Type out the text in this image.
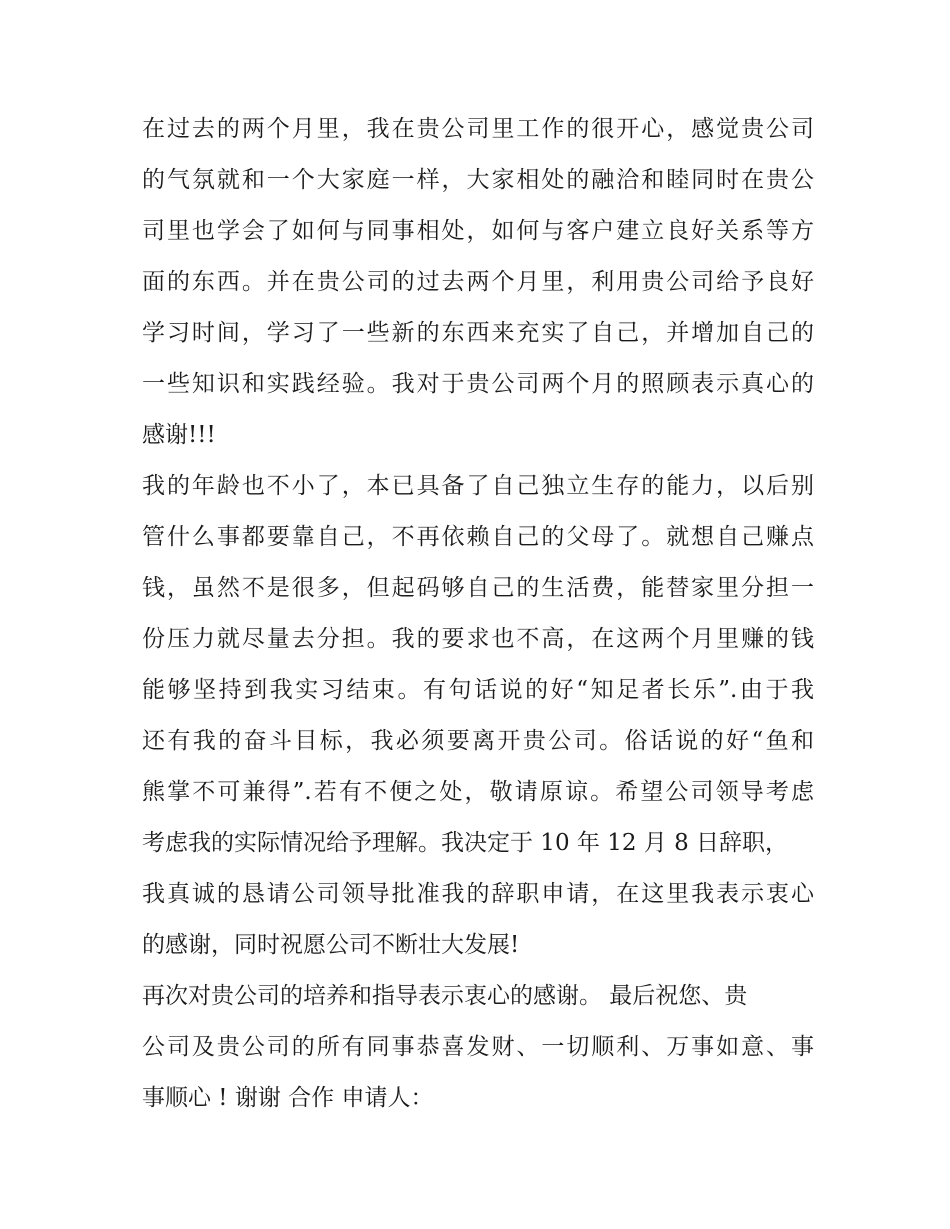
在过去的两个月里，我在贵公司里工作的很开心，感觉贵公司
的气氛就和一个大家庭一样，大家相处的融洽和睦同时在贵公
司里也学会了如何与同事相处，如何与客户建立良好关系等方
面的东西。并在贵公司的过去两个月里，利用贵公司给予良好
学习时间，学习了一些新的东西来充实了自己，并增加自己的
一些知识和实践经验。我对于贵公司两个月的照顾表示真心的
感谢!!!
我的年龄也不小了，本已具备了自己独立生存的能力，以后别
管什么事都要靠自己，不再依赖自己的父母了。就想自己赚点
钱，虽然不是很多，但起码够自己的生活费，能替家里分担一
份压力就尽量去分担。我的要求也不高，在这两个月里赚的钱
能够坚持到我实习结束。有句话说的好“知足者长乐”.由于我
还有我的奋斗目标，我必须要离开贵公司。俗话说的好“鱼和
熊掌不可兼得”.若有不便之处，敬请原谅。希望公司领导考虑
考虑我的实际情况给予理解。我决定于 10 年 12 月 8 日辞职，
我真诚的恳请公司领导批准我的辞职申请，在这里我表示衷心
的感谢，同时祝愿公司不断壮大发展!
再次对贵公司的培养和指导表示衷心的感谢。 最后祝您、贵
公司及贵公司的所有同事恭喜发财、一切顺利、万事如意、事
事顺心 ! 谢谢 合作 申请人：
